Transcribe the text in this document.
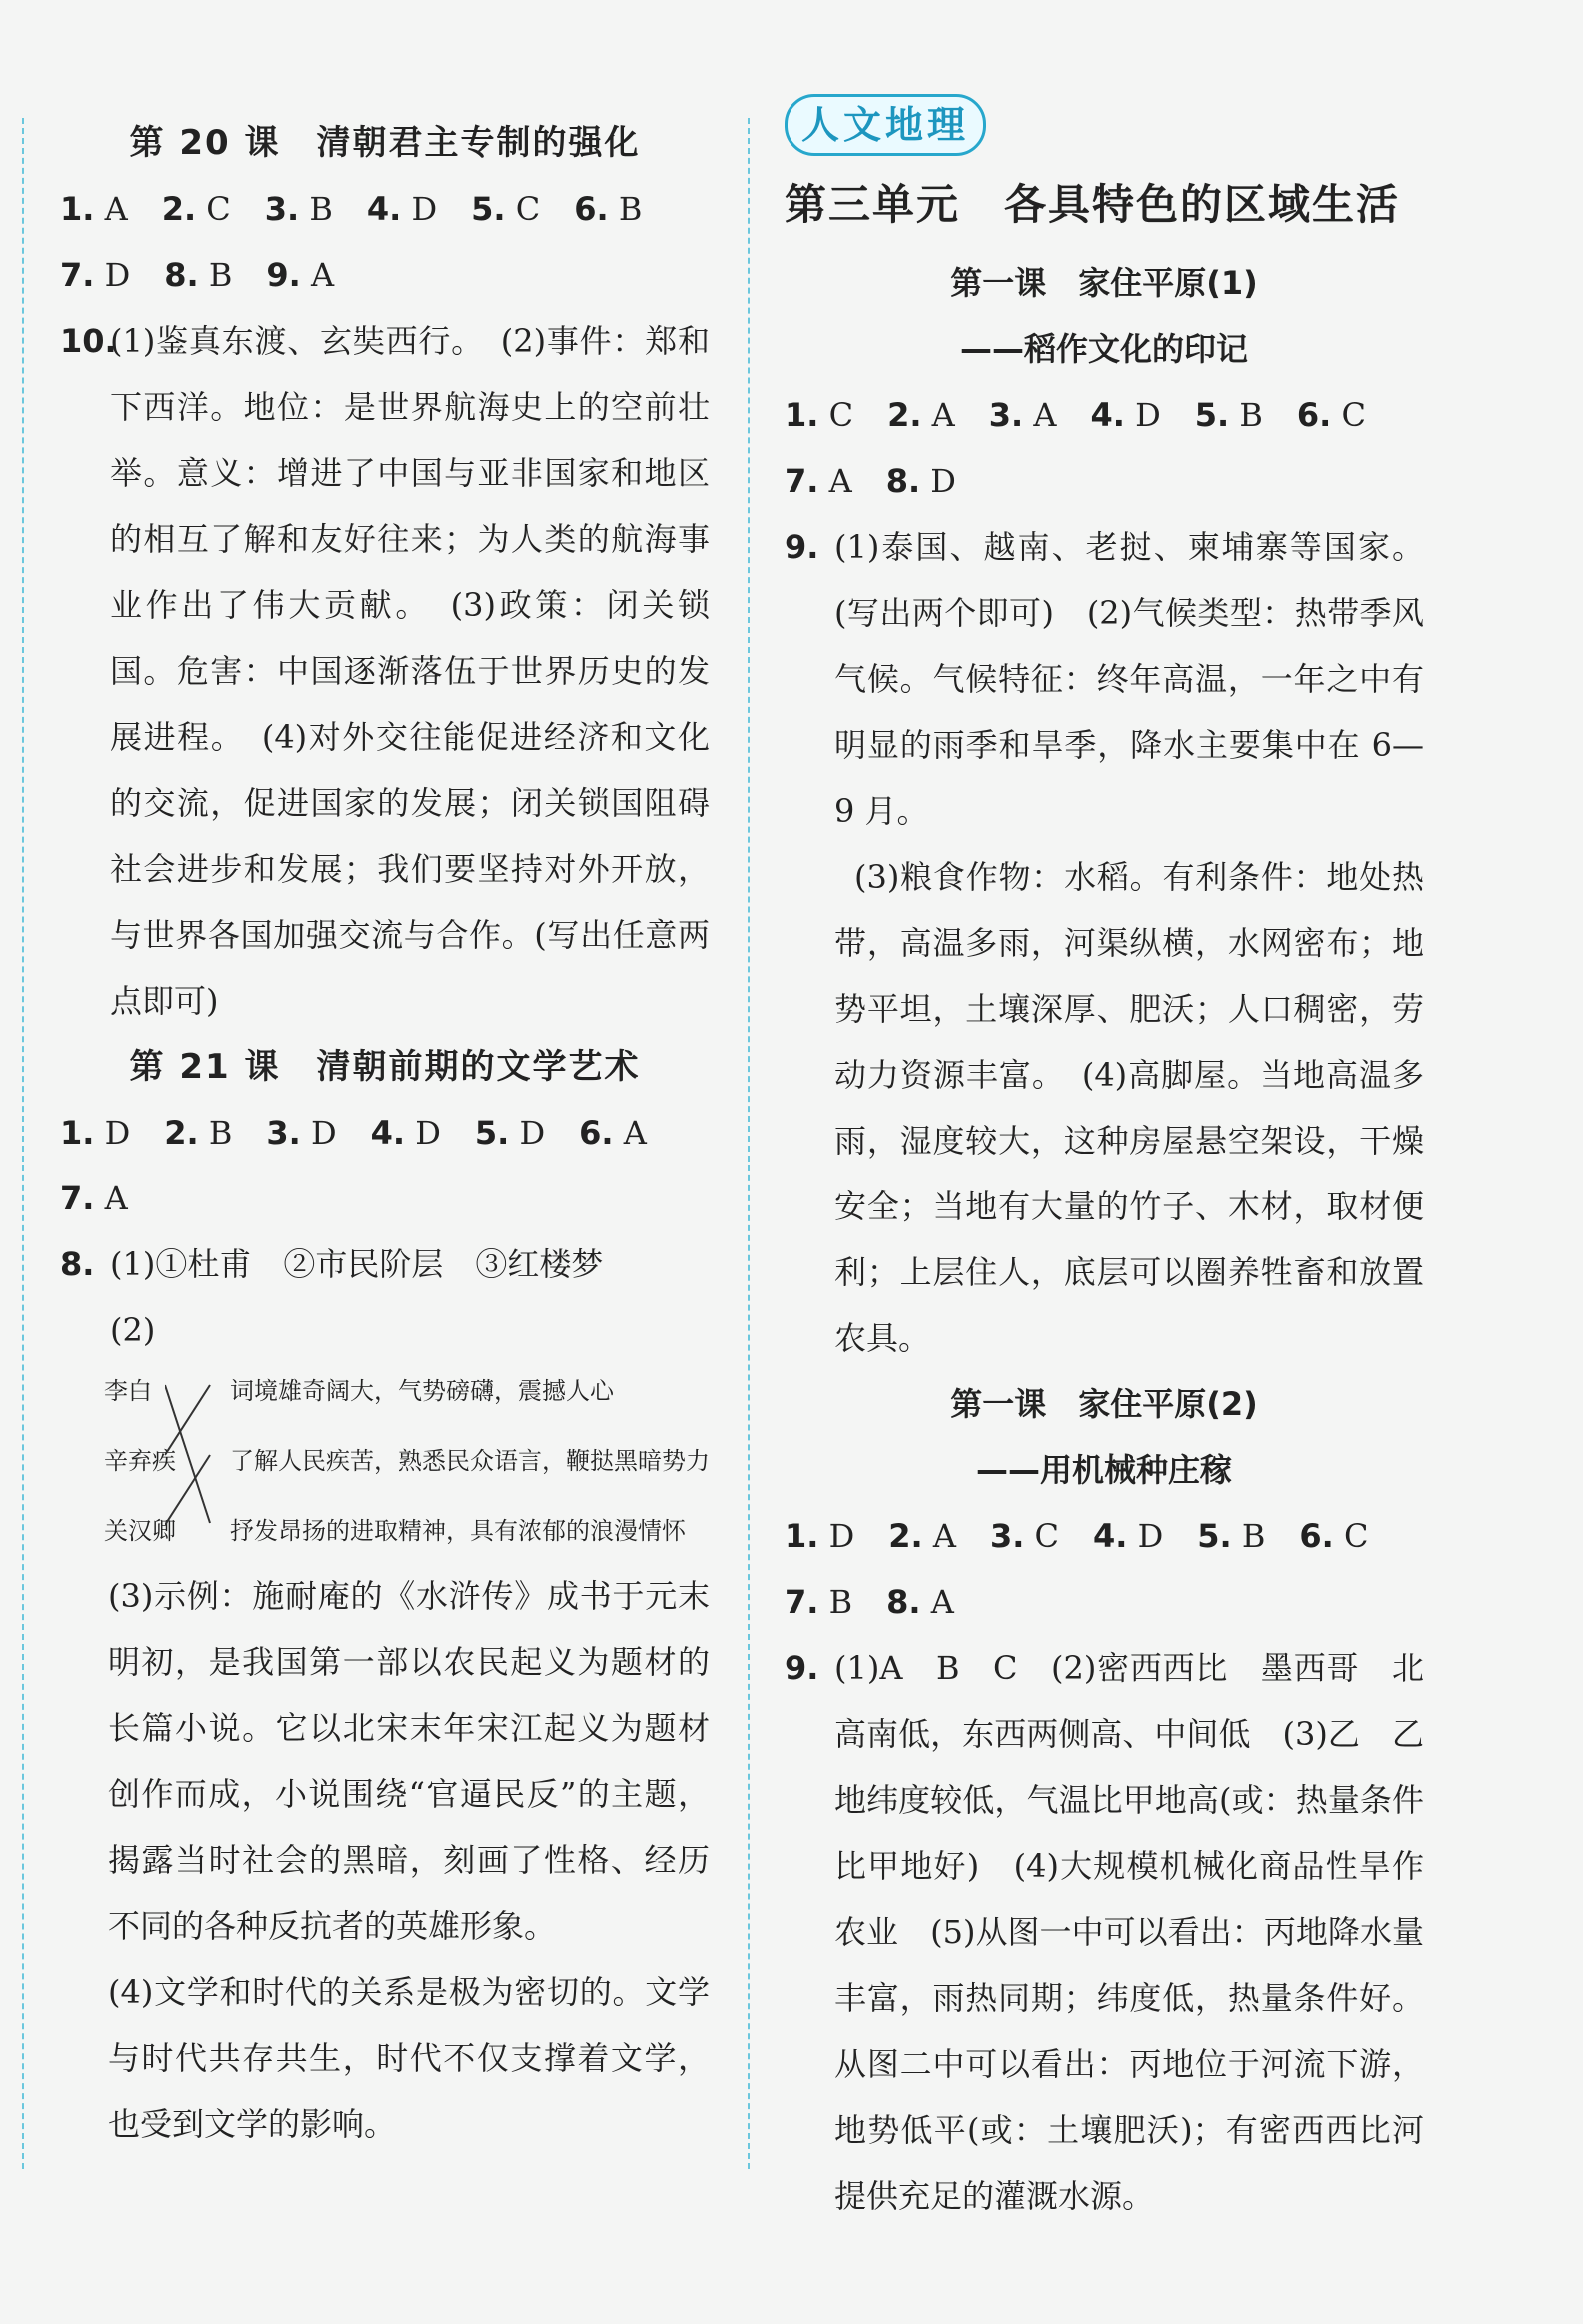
第 20 课　清朝君主专制的强化
1. A 2. C 3. B 4. D 5. C 6. B
7. D 8. B 9. A
10.
(1)鉴真东渡、玄奘西行。　(2)事件：郑和下西洋。地位：是世界航海史上的空前壮举。意义：增进了中国与亚非国家和地区的相互了解和友好往来；为人类的航海事业作出了伟大贡献。　(3)政策：闭关锁国。危害：中国逐渐落伍于世界历史的发展进程。　(4)对外交往能促进经济和文化的交流，促进国家的发展；闭关锁国阻碍社会进步和发展；我们要坚持对外开放，与世界各国加强交流与合作。(写出任意两点即可)
第 21 课　清朝前期的文学艺术
1. D 2. B 3. D 4. D 5. D 6. A
7. A
8. (1)①杜甫　②市民阶层　③红楼梦
(2)
李白
辛弃疾
关汉卿
词境雄奇阔大，气势磅礴，震撼人心
了解人民疾苦，熟悉民众语言，鞭挞黑暗势力
抒发昂扬的进取精神，具有浓郁的浪漫情怀
(3)示例：施耐庵的《水浒传》成书于元末明初，是我国第一部以农民起义为题材的长篇小说。它以北宋末年宋江起义为题材创作而成，小说围绕“官逼民反”的主题，揭露当时社会的黑暗，刻画了性格、经历不同的各种反抗者的英雄形象。
(4)文学和时代的关系是极为密切的。文学与时代共存共生，时代不仅支撑着文学，也受到文学的影响。
人文地理
第三单元　各具特色的区域生活
第一课　家住平原(1)
——稻作文化的印记
1. C 2. A 3. A 4. D 5. B 6. C
7. A 8. D
9. (1)泰国、越南、老挝、柬埔寨等国家。(写出两个即可)　(2)气候类型：热带季风气候。气候特征：终年高温，一年之中有明显的雨季和旱季，降水主要集中在 6—9 月。
(3)粮食作物：水稻。有利条件：地处热带，高温多雨，河渠纵横，水网密布；地势平坦，土壤深厚、肥沃；人口稠密，劳动力资源丰富。　(4)高脚屋。当地高温多雨，湿度较大，这种房屋悬空架设，干燥安全；当地有大量的竹子、木材，取材便利；上层住人，底层可以圈养牲畜和放置农具。
第一课　家住平原(2)
——用机械种庄稼
1. D 2. A 3. C 4. D 5. B 6. C
7. B 8. A
9. (1)A　B　C　(2)密西西比　墨西哥　北高南低，东西两侧高、中间低　(3)乙　乙地纬度较低，气温比甲地高(或：热量条件比甲地好)　(4)大规模机械化商品性旱作农业　(5)从图一中可以看出：丙地降水量丰富，雨热同期；纬度低，热量条件好。从图二中可以看出：丙地位于河流下游，地势低平(或：土壤肥沃)；有密西西比河提供充足的灌溉水源。
